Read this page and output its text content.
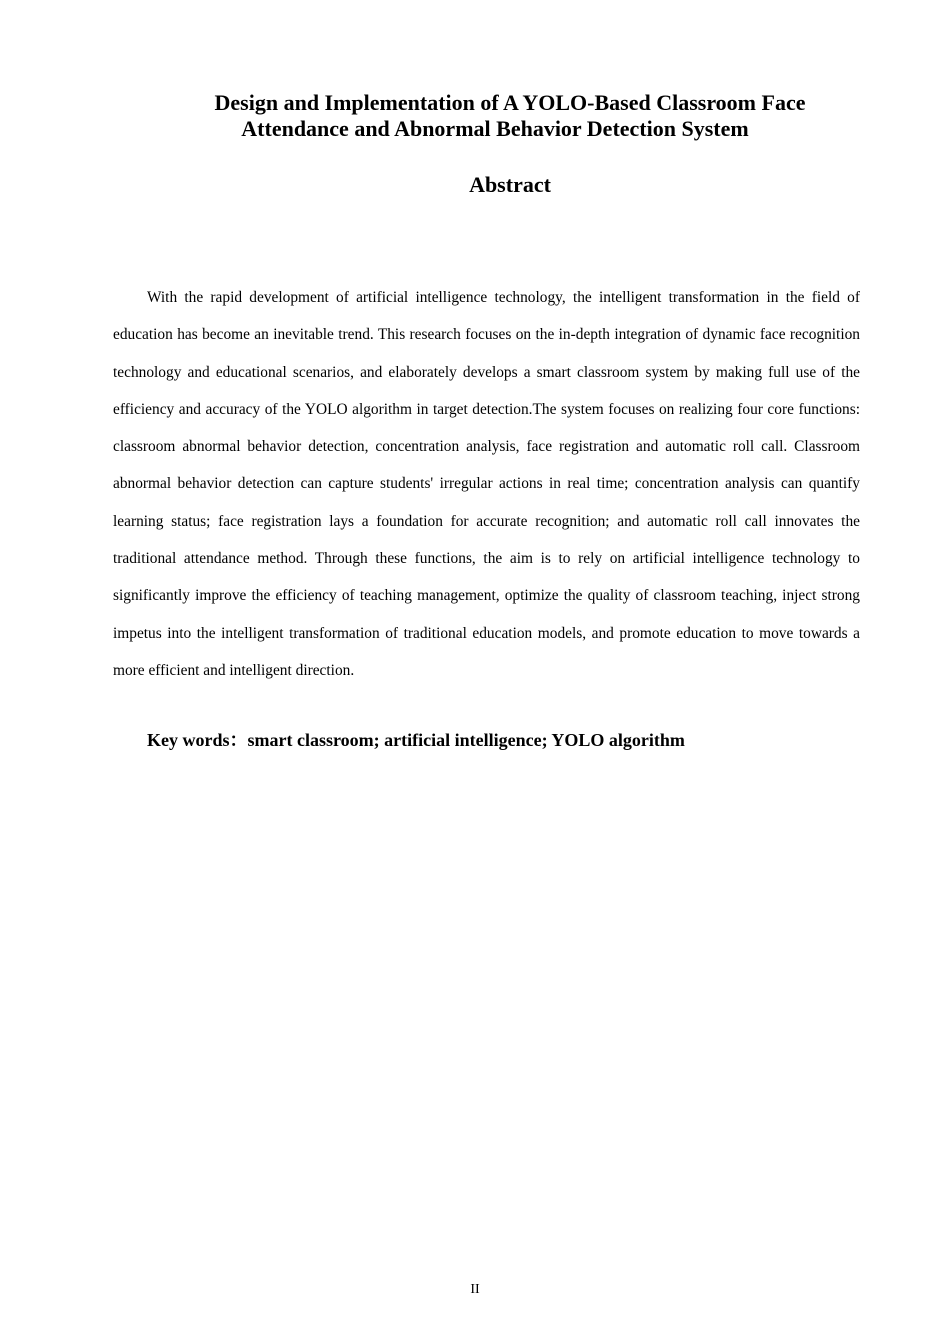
Design and Implementation of A YOLO-Based Classroom Face
Attendance and Abnormal Behavior Detection System
Abstract

With the rapid development of artificial intelligence technology, the intelligent transformation in the field of education has become an inevitable trend. This research focuses on the in-depth integration of dynamic face recognition technology and educational scenarios, and elaborately develops a smart classroom system by making full use of the efficiency and accuracy of the YOLO algorithm in target detection.The system focuses on realizing four core functions: classroom abnormal behavior detection, concentration analysis, face registration and automatic roll call. Classroom abnormal behavior detection can capture students' irregular actions in real time; concentration analysis can quantify learning status; face registration lays a foundation for accurate recognition; and automatic roll call innovates the traditional attendance method. Through these functions, the aim is to rely on artificial intelligence technology to significantly improve the efficiency of teaching management, optimize the quality of classroom teaching, inject strong impetus into the intelligent transformation of traditional education models, and promote education to move towards a more efficient and intelligent direction.

Key words：smart classroom; artificial intelligence; YOLO algorithm
II
